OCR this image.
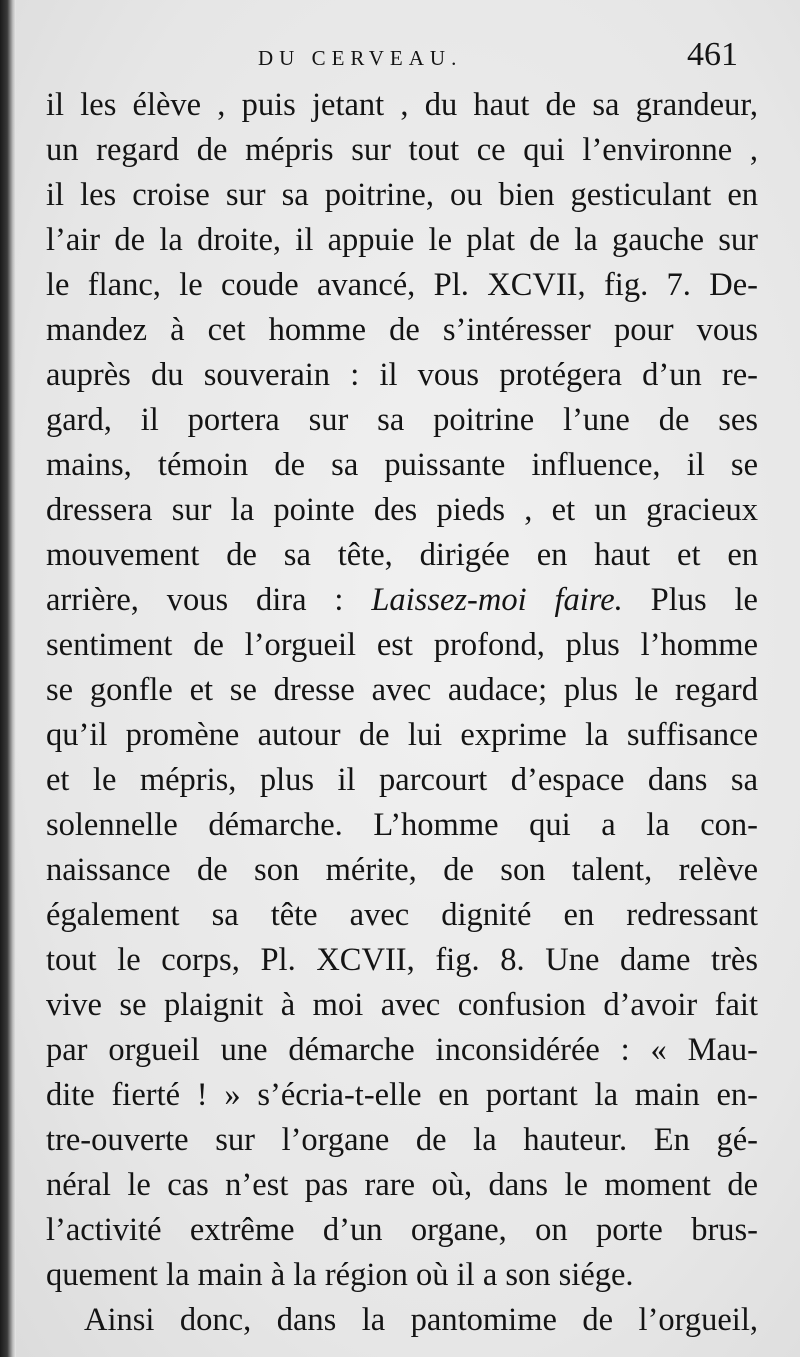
DU CERVEAU.	461
il les élève , puis jetant , du haut de sa grandeur,
un regard de mépris sur tout ce qui l’environne ,
il les croise sur sa poitrine, ou bien gesticulant en
l’air de la droite, il appuie le plat de la gauche sur
le flanc, le coude avancé, Pl. XCVII, fig. 7. De-
mandez à cet homme de s’intéresser pour vous
auprès du souverain : il vous protégera d’un re-
gard, il portera sur sa poitrine l’une de ses
mains, témoin de sa puissante influence, il se
dressera sur la pointe des pieds , et un gracieux
mouvement de sa tête, dirigée en haut et en
arrière, vous dira : Laissez-moi faire. Plus le
sentiment de l’orgueil est profond, plus l’homme
se gonfle et se dresse avec audace; plus le regard
qu’il promène autour de lui exprime la suffisance
et le mépris, plus il parcourt d’espace dans sa
solennelle démarche. L’homme qui a la con-
naissance de son mérite, de son talent, relève
également sa tête avec dignité en redressant
tout le corps, Pl. XCVII, fig. 8. Une dame très
vive se plaignit à moi avec confusion d’avoir fait
par orgueil une démarche inconsidérée : « Mau-
dite fierté ! » s’écria-t-elle en portant la main en-
tre-ouverte sur l’organe de la hauteur. En gé-
néral le cas n’est pas rare où, dans le moment de
l’activité extrême d’un organe, on porte brus-
quement la main à la région où il a son siége.
Ainsi donc, dans la pantomime de l’orgueil,
